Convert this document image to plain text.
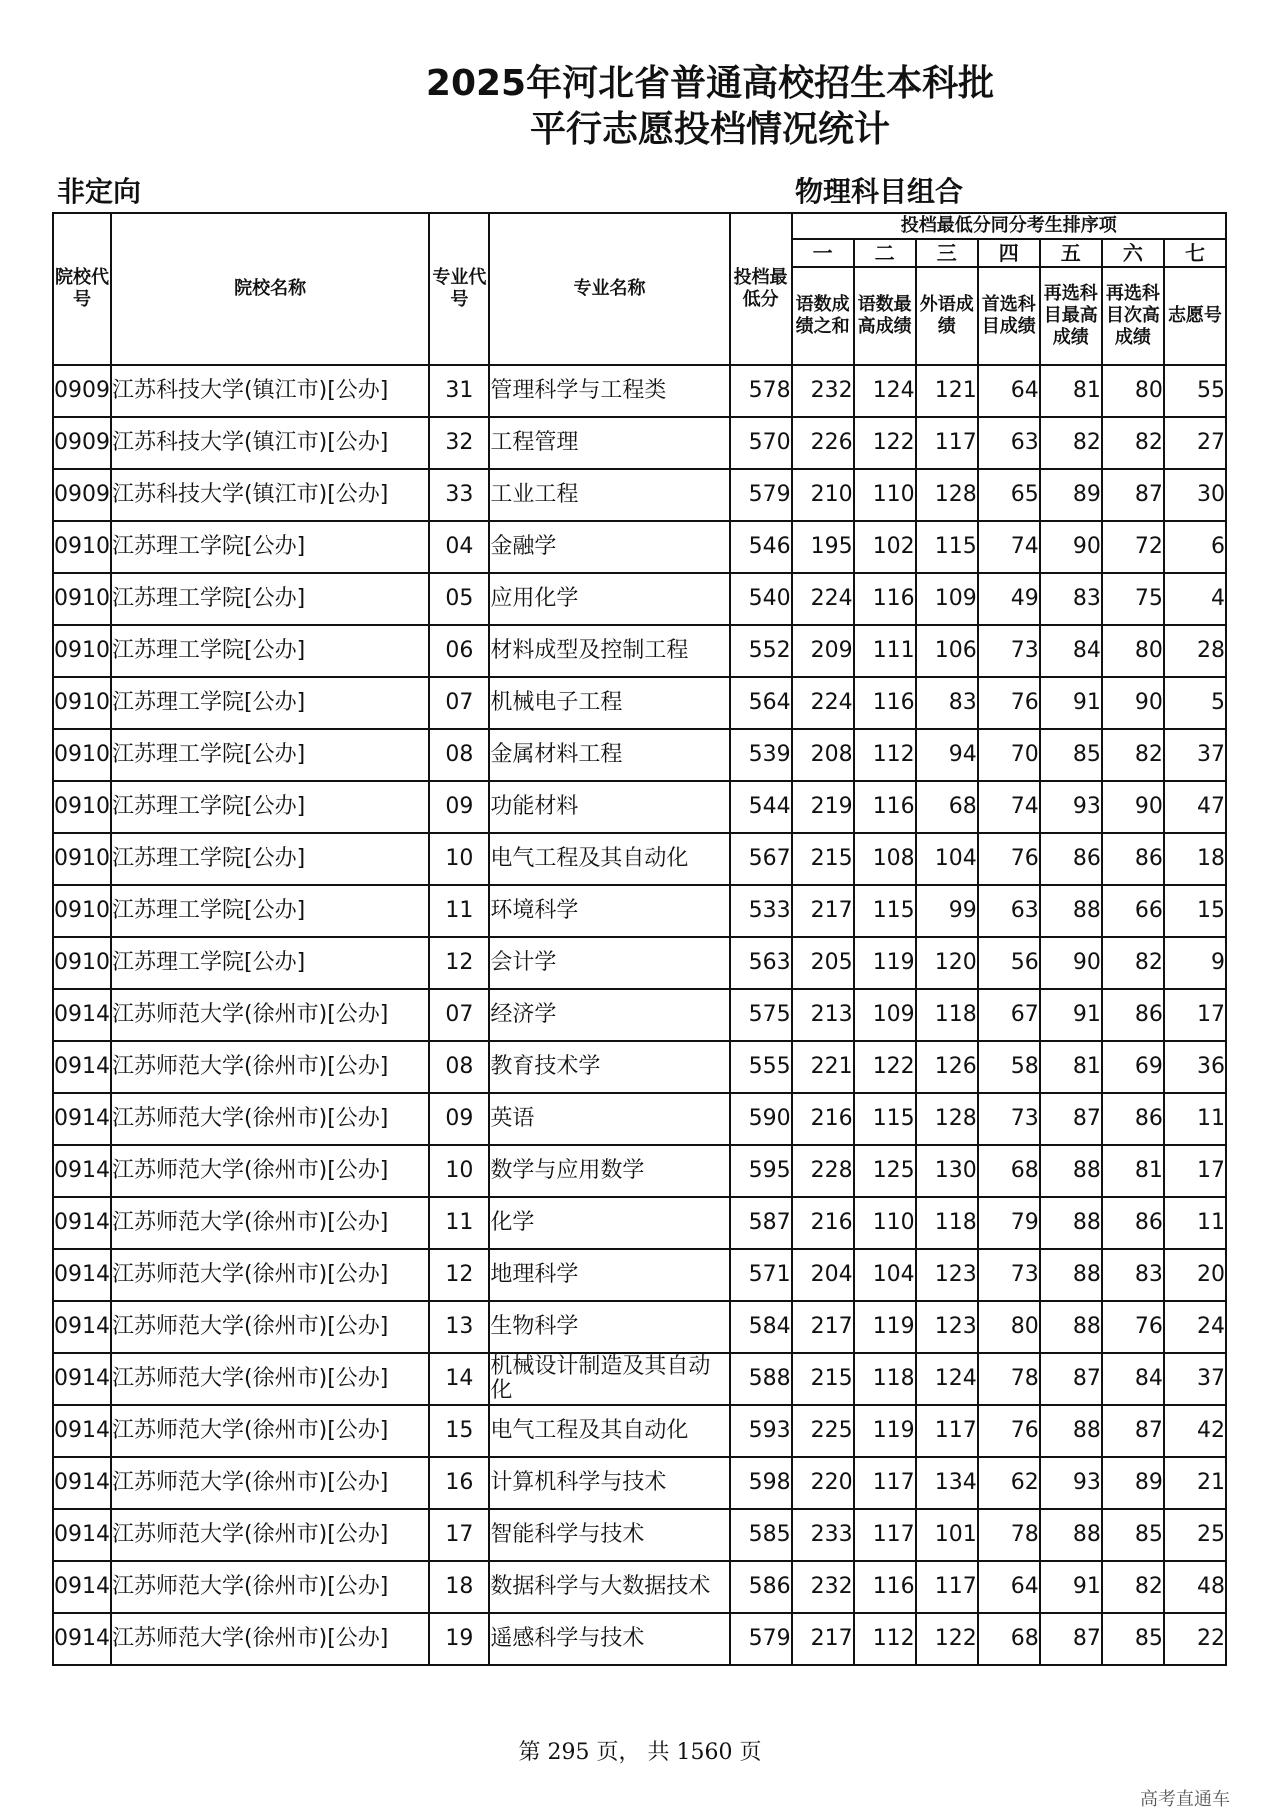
2025年河北省普通高校招生本科批
平行志愿投档情况统计
非定向	物理科目组合
院校代号	院校名称	专业代号	专业名称	投档最低分	投档最低分同分考生排序项						
					一	二	三	四	五	六	七
					语数成绩之和	语数最高成绩	外语成绩	首选科目成绩	再选科目最高成绩	再选科目次高成绩	志愿号
0909	江苏科技大学(镇江市)[公办]	31	管理科学与工程类	578	232	124	121	64	81	80	55
0909	江苏科技大学(镇江市)[公办]	32	工程管理	570	226	122	117	63	82	82	27
0909	江苏科技大学(镇江市)[公办]	33	工业工程	579	210	110	128	65	89	87	30
0910	江苏理工学院[公办]	04	金融学	546	195	102	115	74	90	72	6
0910	江苏理工学院[公办]	05	应用化学	540	224	116	109	49	83	75	4
0910	江苏理工学院[公办]	06	材料成型及控制工程	552	209	111	106	73	84	80	28
0910	江苏理工学院[公办]	07	机械电子工程	564	224	116	83	76	91	90	5
0910	江苏理工学院[公办]	08	金属材料工程	539	208	112	94	70	85	82	37
0910	江苏理工学院[公办]	09	功能材料	544	219	116	68	74	93	90	47
0910	江苏理工学院[公办]	10	电气工程及其自动化	567	215	108	104	76	86	86	18
0910	江苏理工学院[公办]	11	环境科学	533	217	115	99	63	88	66	15
0910	江苏理工学院[公办]	12	会计学	563	205	119	120	56	90	82	9
0914	江苏师范大学(徐州市)[公办]	07	经济学	575	213	109	118	67	91	86	17
0914	江苏师范大学(徐州市)[公办]	08	教育技术学	555	221	122	126	58	81	69	36
0914	江苏师范大学(徐州市)[公办]	09	英语	590	216	115	128	73	87	86	11
0914	江苏师范大学(徐州市)[公办]	10	数学与应用数学	595	228	125	130	68	88	81	17
0914	江苏师范大学(徐州市)[公办]	11	化学	587	216	110	118	79	88	86	11
0914	江苏师范大学(徐州市)[公办]	12	地理科学	571	204	104	123	73	88	83	20
0914	江苏师范大学(徐州市)[公办]	13	生物科学	584	217	119	123	80	88	76	24
0914	江苏师范大学(徐州市)[公办]	14	机械设计制造及其自动化	588	215	118	124	78	87	84	37
0914	江苏师范大学(徐州市)[公办]	15	电气工程及其自动化	593	225	119	117	76	88	87	42
0914	江苏师范大学(徐州市)[公办]	16	计算机科学与技术	598	220	117	134	62	93	89	21
0914	江苏师范大学(徐州市)[公办]	17	智能科学与技术	585	233	117	101	78	88	85	25
0914	江苏师范大学(徐州市)[公办]	18	数据科学与大数据技术	586	232	116	117	64	91	82	48
0914	江苏师范大学(徐州市)[公办]	19	遥感科学与技术	579	217	112	122	68	87	85	22
第 295 页， 共 1560 页
高考直通车
